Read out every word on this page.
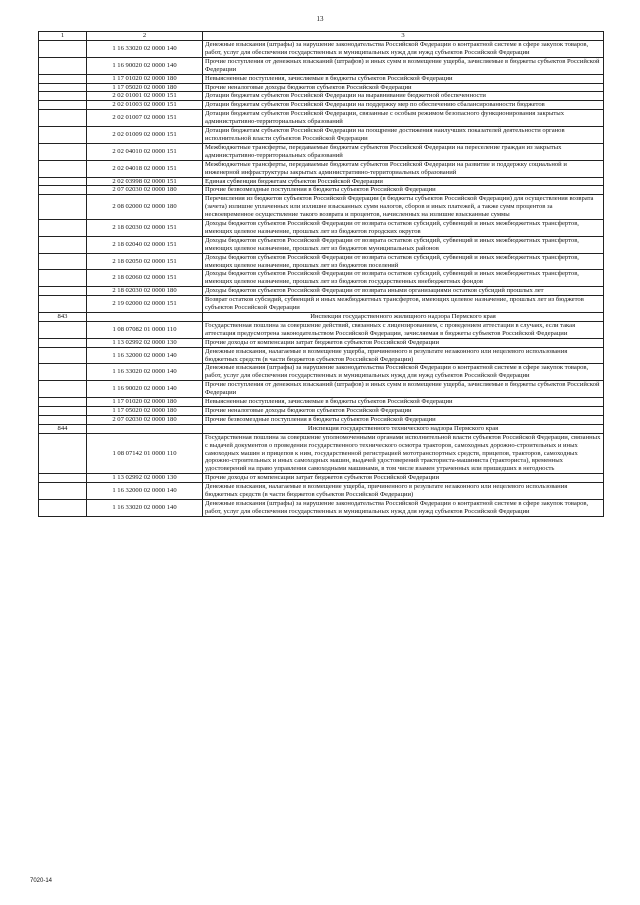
13
1	2	3
	1 16 33020 02 0000 140	Денежные взыскания (штрафы) за нарушение законодательства Российской Федерации о контрактной системе в сфере закупок товаров, работ, услуг для обеспечения государственных и муниципальных нужд для нужд субъектов Российской Федерации
	1 16 90020 02 0000 140	Прочие поступления от денежных взысканий (штрафов) и иных сумм в возмещение ущерба, зачисляемые в бюджеты субъектов Российской Федерации
	1 17 01020 02 0000 180	Невыясненные поступления, зачисляемые в бюджеты субъектов Российской Федерации
	1 17 05020 02 0000 180	Прочие неналоговые доходы бюджетов субъектов Российской Федерации
	2 02 01001 02 0000 151	Дотации бюджетам субъектов Российской Федерации на выравнивание бюджетной обеспеченности
	2 02 01003 02 0000 151	Дотации бюджетам субъектов Российской Федерации на поддержку мер по обеспечению сбалансированности бюджетов
	2 02 01007 02 0000 151	Дотации бюджетам субъектов Российской Федерации, связанные с особым режимом безопасного функционирования закрытых административно-территориальных образований
	2 02 01009 02 0000 151	Дотации бюджетам субъектов Российской Федерации на поощрение достижения наилучших показателей деятельности органов исполнительной власти субъектов Российской Федерации
	2 02 04010 02 0000 151	Межбюджетные трансферты, передаваемые бюджетам субъектов Российской Федерации на переселение граждан из закрытых административно-территориальных образований
	2 02 04018 02 0000 151	Межбюджетные трансферты, передаваемые бюджетам субъектов Российской Федерации на развитие и поддержку социальной и инженерной инфраструктуры закрытых административно-территориальных образований
	2 02 03998 02 0000 151	Единая субвенция бюджетам субъектов Российской Федерации
	2 07 02030 02 0000 180	Прочие безвозмездные поступления в бюджеты субъектов Российской Федерации
	2 08 02000 02 0000 180	Перечисления из бюджетов субъектов Российской Федерации (в бюджеты субъектов Российской Федерации) для осуществления возврата (зачета) излишне уплаченных или излишне взысканных сумм налогов, сборов и иных платежей, а также сумм процентов за несвоевременное осуществление такого возврата и процентов, начисленных на излишне взысканные суммы
	2 18 02030 02 0000 151	Доходы бюджетов субъектов Российской Федерации от возврата остатков субсидий, субвенций и иных межбюджетных трансфертов, имеющих целевое назначение, прошлых лет из бюджетов городских округов
	2 18 02040 02 0000 151	Доходы бюджетов субъектов Российской Федерации от возврата остатков субсидий, субвенций и иных межбюджетных трансфертов, имеющих целевое назначение, прошлых лет из бюджетов муниципальных районов
	2 18 02050 02 0000 151	Доходы бюджетов субъектов Российской Федерации от возврата остатков субсидий, субвенций и иных межбюджетных трансфертов, имеющих целевое назначение, прошлых лет из бюджетов поселений
	2 18 02060 02 0000 151	Доходы бюджетов субъектов Российской Федерации от возврата остатков субсидий, субвенций и иных межбюджетных трансфертов, имеющих целевое назначение, прошлых лет из бюджетов государственных внебюджетных фондов
	2 18 02030 02 0000 180	Доходы бюджетов субъектов Российской Федерации от возврата иными организациями остатков субсидий прошлых лет
	2 19 02000 02 0000 151	Возврат остатков субсидий, субвенций и иных межбюджетных трансфертов, имеющих целевое назначение, прошлых лет из бюджетов субъектов Российской Федерации
843		Инспекция государственного жилищного надзора Пермского края
	1 08 07082 01 0000 110	Государственная пошлина за совершение действий, связанных с лицензированием, с проведением аттестации в случаях, если такая аттестация предусмотрена законодательством Российской Федерации, зачисляемая в бюджеты субъектов Российской Федерации
	1 13 02992 02 0000 130	Прочие доходы от компенсации затрат бюджетов субъектов Российской Федерации
	1 16 32000 02 0000 140	Денежные взыскания, налагаемые в возмещение ущерба, причиненного в результате незаконного или нецелевого использования бюджетных средств (в части бюджетов субъектов Российской Федерации)
	1 16 33020 02 0000 140	Денежные взыскания (штрафы) за нарушение законодательства Российской Федерации о контрактной системе в сфере закупок товаров, работ, услуг для обеспечения государственных и муниципальных нужд для нужд субъектов Российской Федерации
	1 16 90020 02 0000 140	Прочие поступления от денежных взысканий (штрафов) и иных сумм в возмещение ущерба, зачисляемые в бюджеты субъектов Российской Федерации
	1 17 01020 02 0000 180	Невыясненные поступления, зачисляемые в бюджеты субъектов Российской Федерации
	1 17 05020 02 0000 180	Прочие неналоговые доходы бюджетов субъектов Российской Федерации
	2 07 02030 02 0000 180	Прочие безвозмездные поступления в бюджеты субъектов Российской Федерации
844		Инспекция государственного технического надзора Пермского края
	1 08 07142 01 0000 110	Государственная пошлина за совершение уполномоченными органами исполнительной власти субъектов Российской Федерации, связанных с выдачей документов о проведении государственного технического осмотра тракторов, самоходных дорожно-строительных и иных самоходных машин и прицепов к ним, государственной регистрацией мототранспортных средств, прицепов, тракторов, самоходных дорожно-строительных и иных самоходных машин, выдачей удостоверений тракториста-машиниста (тракториста), временных удостоверений на право управления самоходными машинами, в том числе взамен утраченных или пришедших в негодность
	1 13 02992 02 0000 130	Прочие доходы от компенсации затрат бюджетов субъектов Российской Федерации
	1 16 32000 02 0000 140	Денежные взыскания, налагаемые в возмещение ущерба, причиненного в результате незаконного или нецелевого использования бюджетных средств (в части бюджетов субъектов Российской Федерации)
	1 16 33020 02 0000 140	Денежные взыскания (штрафы) за нарушение законодательства Российской Федерации о контрактной системе в сфере закупок товаров, работ, услуг для обеспечения государственных и муниципальных нужд для нужд субъектов Российской Федерации
7020-14
